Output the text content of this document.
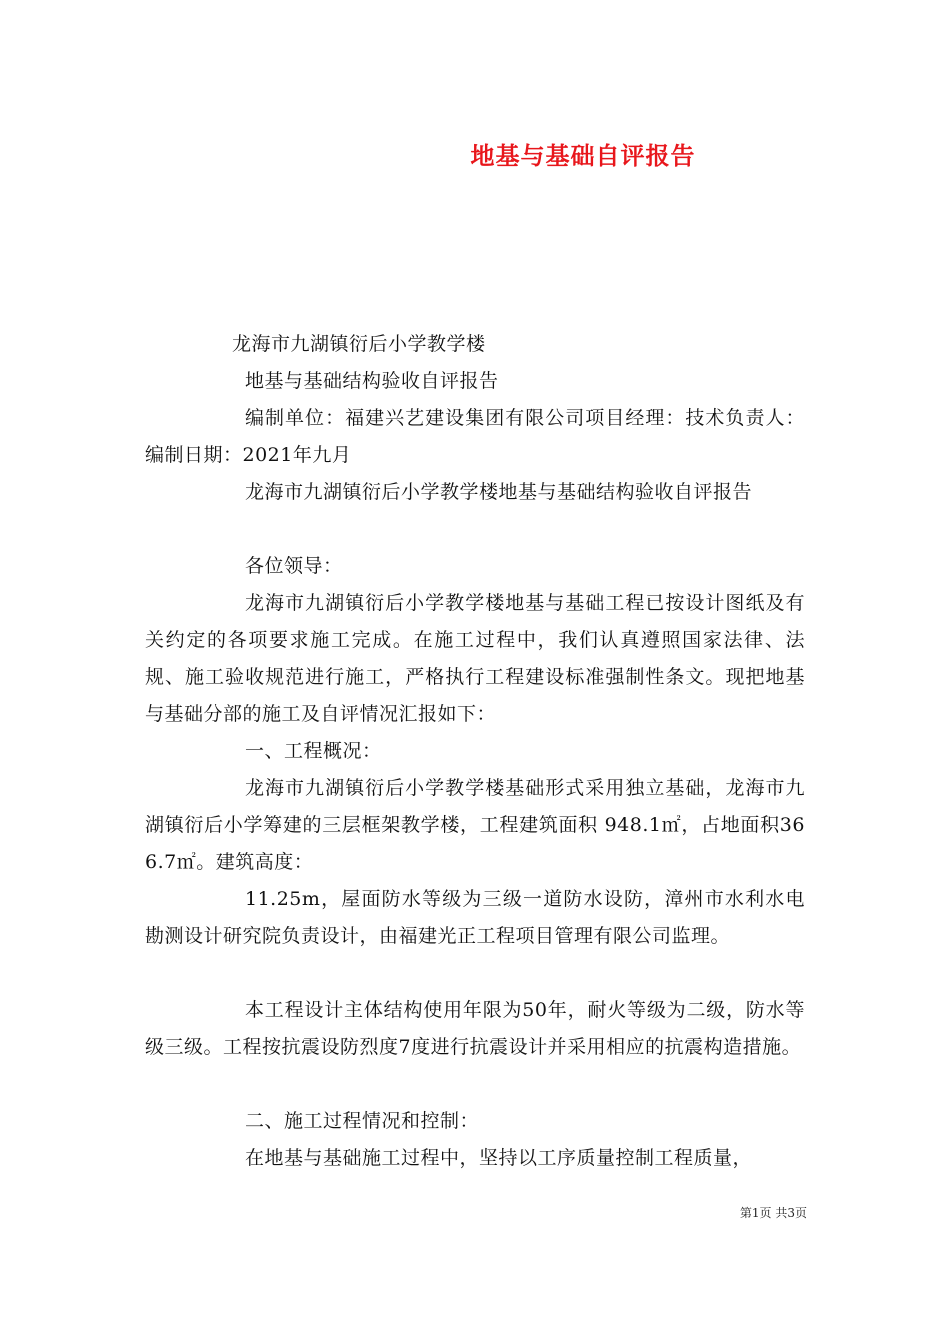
地基与基础自评报告

龙海市九湖镇衍后小学教学楼

地基与基础结构验收自评报告

编制单位：福建兴艺建设集团有限公司项目经理：技术负责人：编制日期：2021年九月

龙海市九湖镇衍后小学教学楼地基与基础结构验收自评报告

各位领导：

龙海市九湖镇衍后小学教学楼地基与基础工程已按设计图纸及有关约定的各项要求施工完成。在施工过程中，我们认真遵照国家法律、法规、施工验收规范进行施工，严格执行工程建设标准强制性条文。现把地基与基础分部的施工及自评情况汇报如下：

一、工程概况：

龙海市九湖镇衍后小学教学楼基础形式采用独立基础，龙海市九湖镇衍后小学筹建的三层框架教学楼，工程建筑面积 948.1㎡，占地面积366.7㎡。建筑高度：

11.25m，屋面防水等级为三级一道防水设防，漳州市水利水电勘测设计研究院负责设计，由福建光正工程项目管理有限公司监理。

本工程设计主体结构使用年限为50年，耐火等级为二级，防水等级三级。工程按抗震设防烈度7度进行抗震设计并采用相应的抗震构造措施。

二、施工过程情况和控制：

在地基与基础施工过程中，坚持以工序质量控制工程质量，

第1页 共3页
